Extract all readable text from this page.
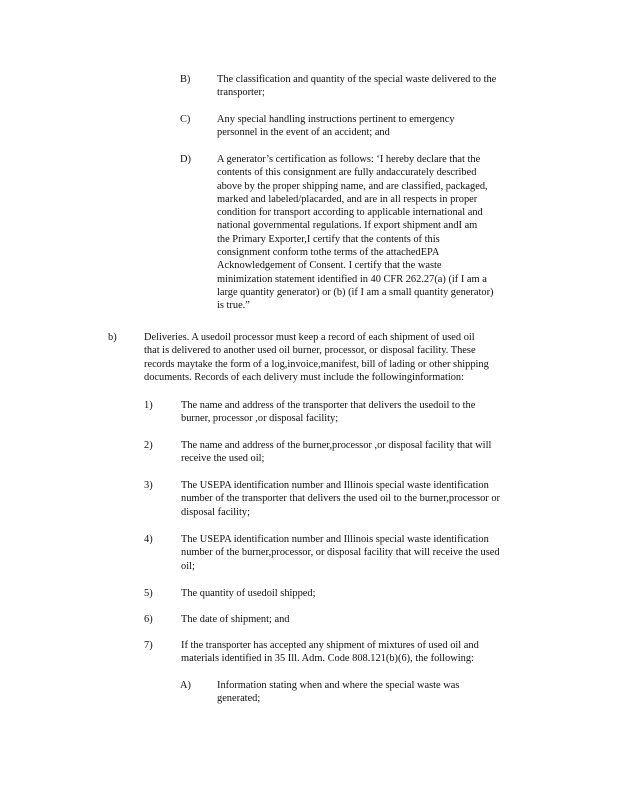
B)	The classification and quantity of the special waste delivered to the
transporter;
C)	Any special handling instructions pertinent to emergency
personnel in the event of an accident; and
D)	A generator’s certification as follows: ‘I hereby declare that the
contents of this consignment are fully andaccurately described
above by the proper shipping name, and are classified, packaged,
marked and labeled/placarded, and are in all respects in proper
condition for transport according to applicable international and
national governmental regulations. If export shipment andI am
the Primary Exporter,I certify that the contents of this
consignment conform tothe terms of the attachedEPA
Acknowledgement of Consent. I certify that the waste
minimization statement identified in 40 CFR 262.27(a) (if I am a
large quantity generator) or (b) (if I am a small quantity generator)
is true.”
b)	Deliveries. A usedoil processor must keep a record of each shipment of used oil
that is delivered to another used oil burner, processor, or disposal facility. These
records maytake the form of a log,invoice,manifest, bill of lading or other shipping
documents. Records of each delivery must include the followinginformation:
1)	The name and address of the transporter that delivers the usedoil to the
burner, processor ,or disposal facility;
2)	The name and address of the burner,processor ,or disposal facility that will
receive the used oil;
3)	The USEPA identification number and Illinois special waste identification
number of the transporter that delivers the used oil to the burner,processor or
disposal facility;
4)	The USEPA identification number and Illinois special waste identification
number of the burner,processor, or disposal facility that will receive the used
oil;
5)	The quantity of usedoil shipped;
6)	The date of shipment; and
7)	If the transporter has accepted any shipment of mixtures of used oil and
materials identified in 35 Ill. Adm. Code 808.121(b)(6), the following:
A)	Information stating when and where the special waste was
generated;
